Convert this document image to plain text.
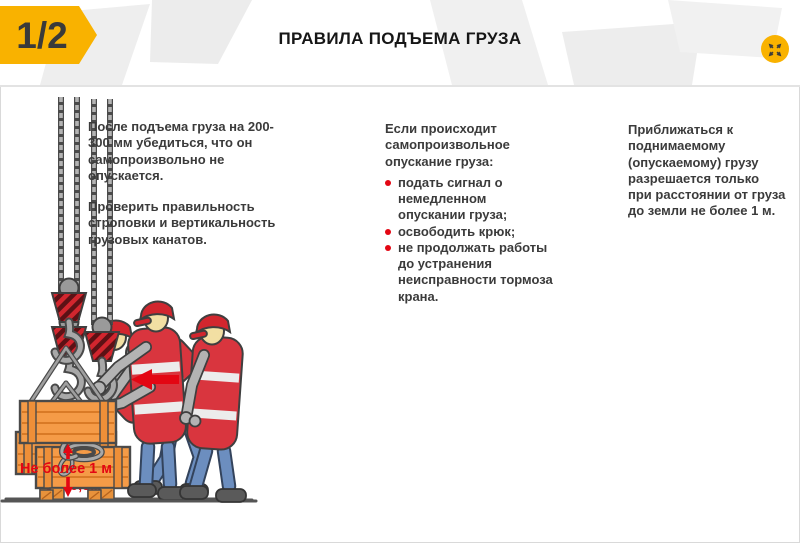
1/2	ПРАВИЛА ПОДЪЕМА ГРУЗА
Не более 1 м

После подъема груза на 200-300 мм убедиться, что он самопроизвольно не опускается.

Проверить правильность строповки и вертикальность грузовых канатов.

Если происходит самопроизвольное опускание груза:

подать сигнал о немедленном опускании груза;
освободить крюк;
не продолжать работы до устранения неисправности тормоза крана.

Приближаться к поднимаемому (опускаемому) грузу разрешается только при расстоянии от груза до земли не более 1 м.
